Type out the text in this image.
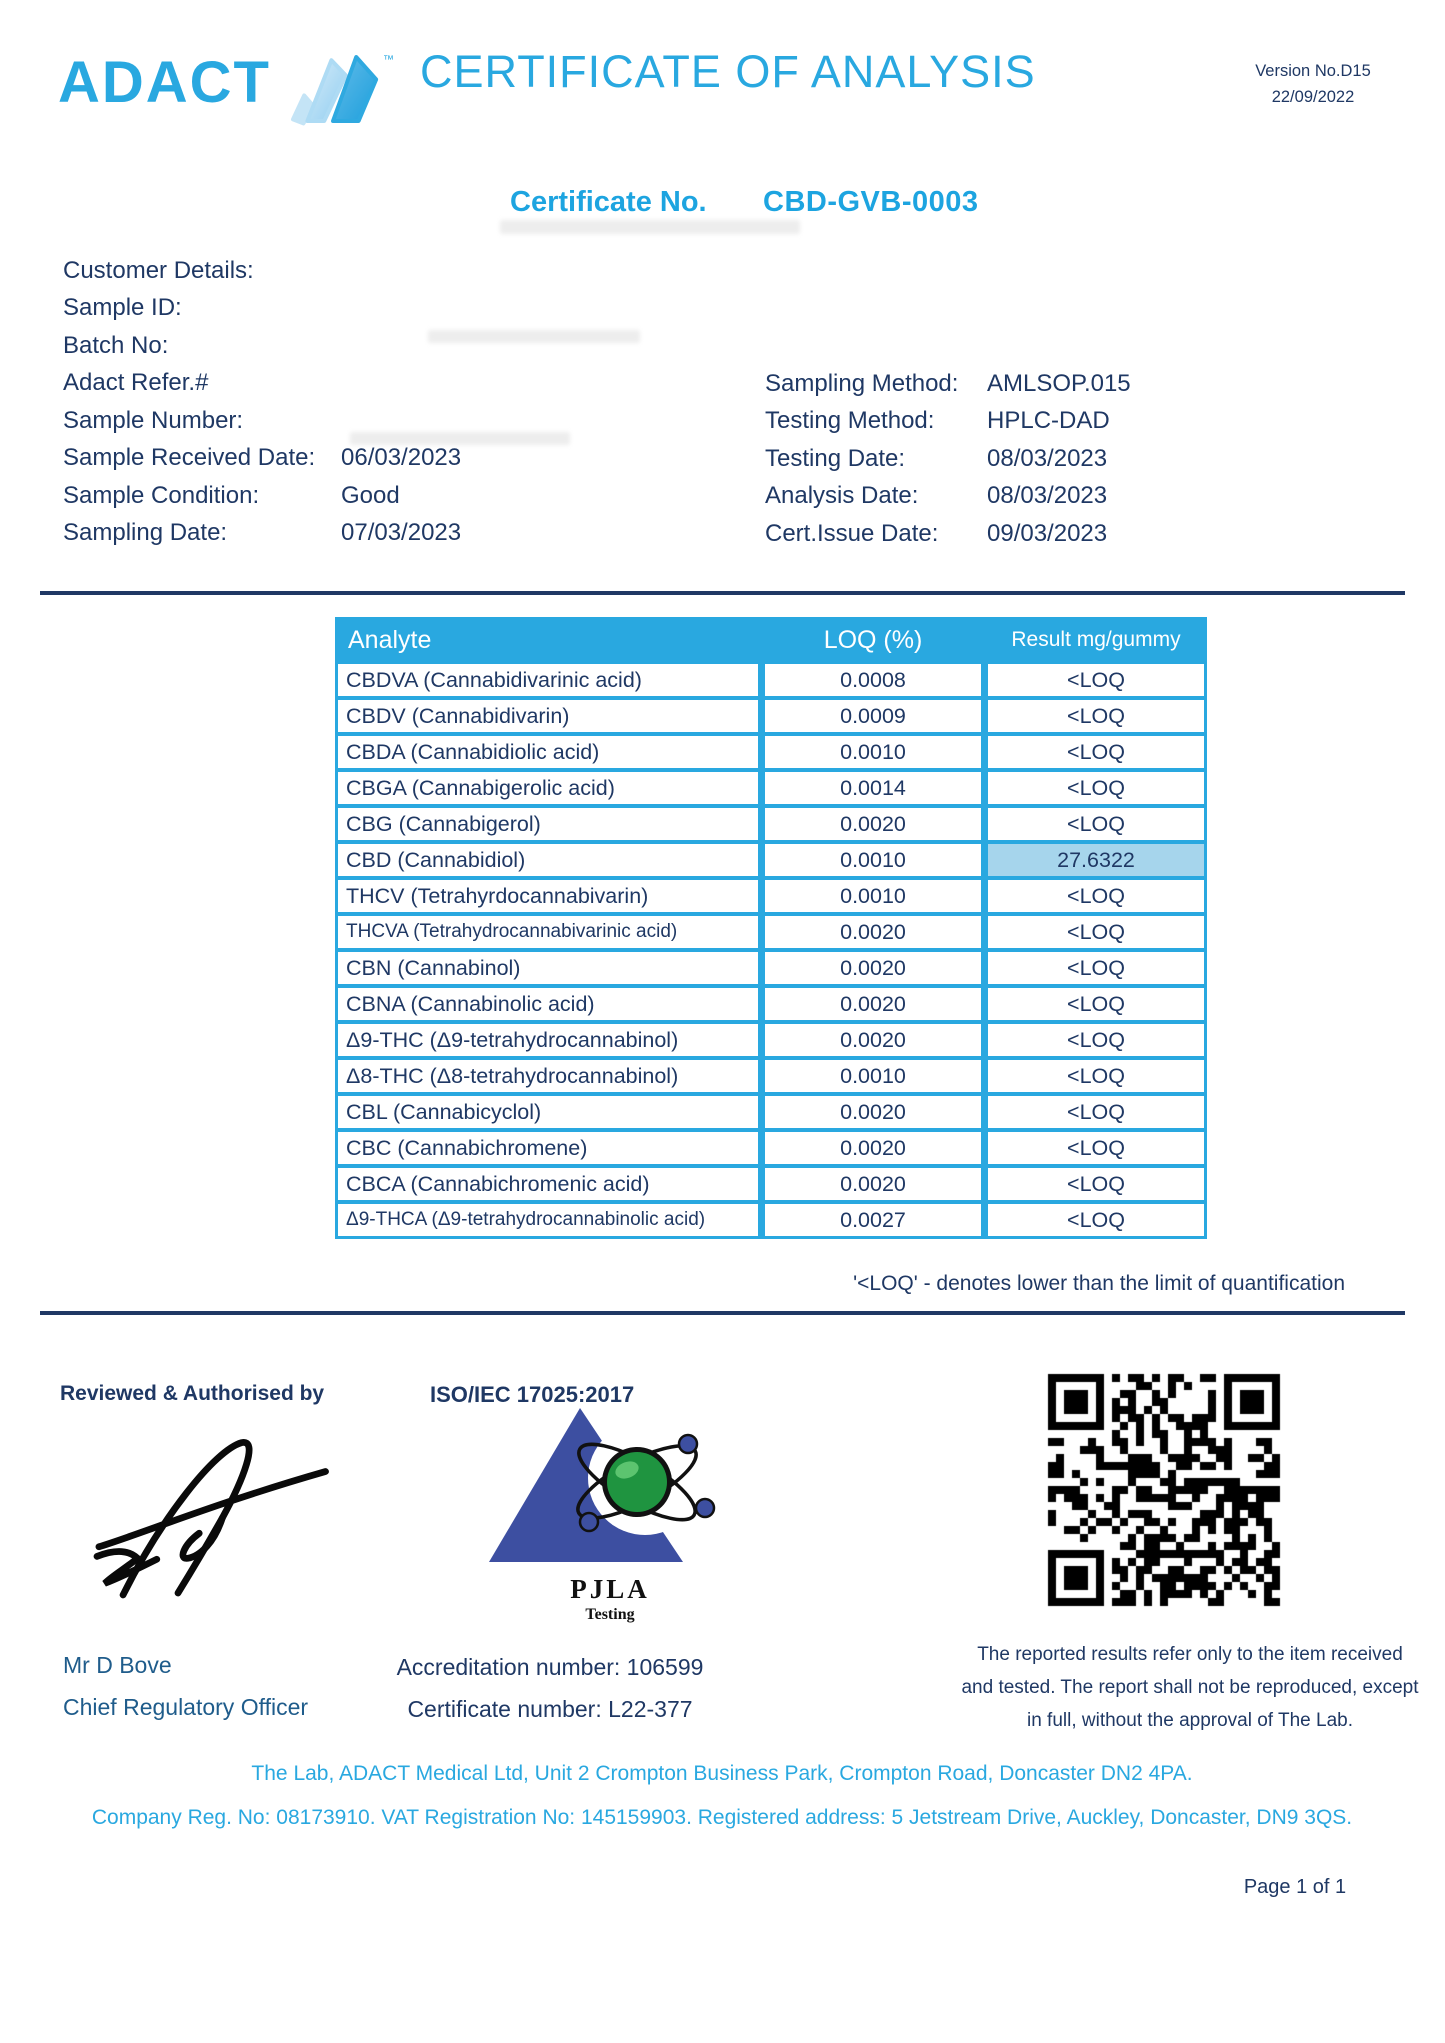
ADACT	™ CERTIFICATE OF ANALYSIS	Version No.D15
22/09/2022
Certificate No. CBD-GVB-0003
Customer Details:
Sample ID:
Batch No:
Adact Refer.#
Sample Number:
Sample Received Date:	06/03/2023
Sample Condition:	Good
Sampling Date:	07/03/2023
Sampling Method:	AMLSOP.015
Testing Method:	HPLC-DAD
Testing Date:	08/03/2023
Analysis Date:	08/03/2023
Cert.Issue Date:	09/03/2023
Analyte	LOQ (%)	Result mg/gummy
CBDVA (Cannabidivarinic acid)	0.0008	<LOQ
CBDV (Cannabidivarin)	0.0009	<LOQ
CBDA (Cannabidiolic acid)	0.0010	<LOQ
CBGA (Cannabigerolic acid)	0.0014	<LOQ
CBG (Cannabigerol)	0.0020	<LOQ
CBD (Cannabidiol)	0.0010	27.6322
THCV (Tetrahyrdocannabivarin)	0.0010	<LOQ
THCVA (Tetrahydrocannabivarinic acid)	0.0020	<LOQ
CBN (Cannabinol)	0.0020	<LOQ
CBNA (Cannabinolic acid)	0.0020	<LOQ
Δ9-THC (Δ9-tetrahydrocannabinol)	0.0020	<LOQ
Δ8-THC (Δ8-tetrahydrocannabinol)	0.0010	<LOQ
CBL (Cannabicyclol)	0.0020	<LOQ
CBC (Cannabichromene)	0.0020	<LOQ
CBCA (Cannabichromenic acid)	0.0020	<LOQ
Δ9-THCA (Δ9-tetrahydrocannabinolic acid)	0.0027	<LOQ
'<LOQ' - denotes lower than the limit of quantification
Reviewed & Authorised by
Mr D Bove
Chief Regulatory Officer
ISO/IEC 17025:2017
PJLA
Testing
Accreditation number: 106599
Certificate number: L22-377
The reported results refer only to the item received
and tested. The report shall not be reproduced, except
in full, without the approval of The Lab.
The Lab, ADACT Medical Ltd, Unit 2 Crompton Business Park, Crompton Road, Doncaster DN2 4PA.
Company Reg. No: 08173910. VAT Registration No: 145159903. Registered address: 5 Jetstream Drive, Auckley, Doncaster, DN9 3QS.
Page 1 of 1
